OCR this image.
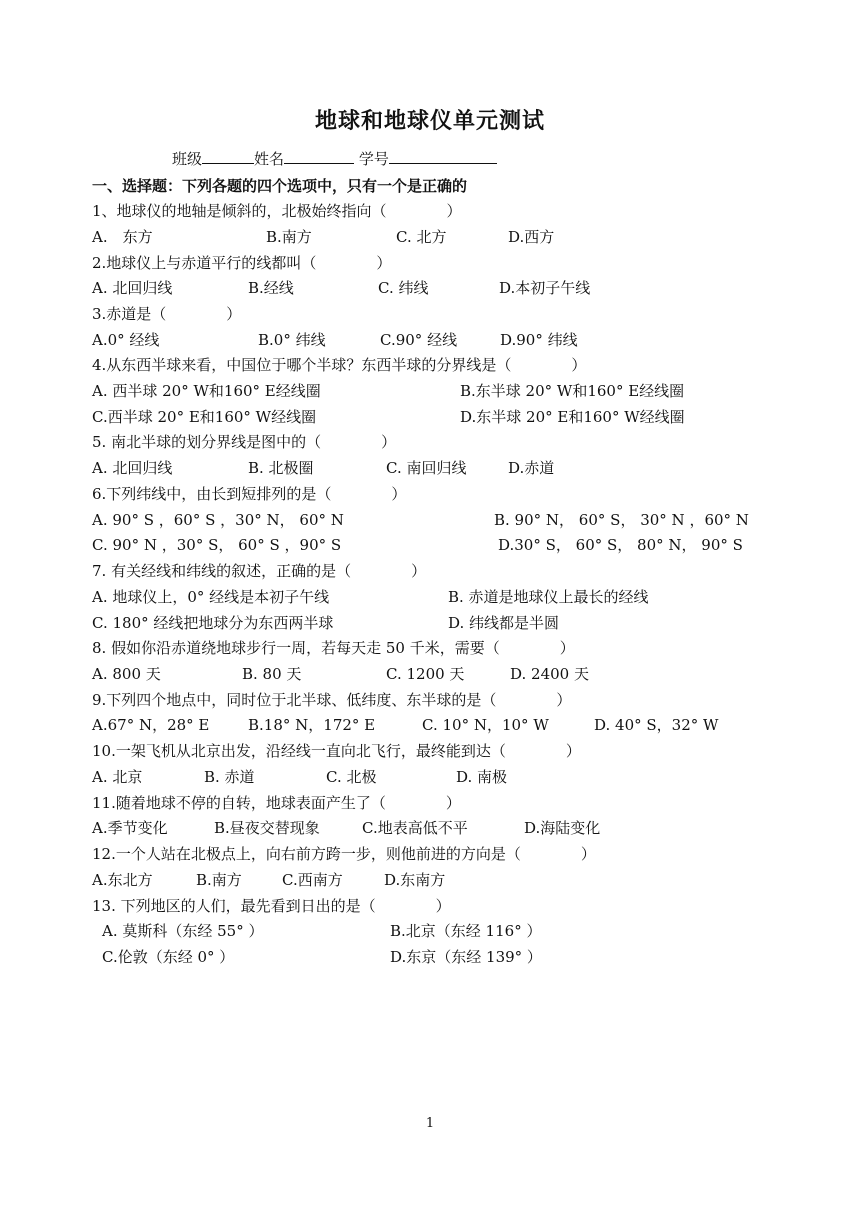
地球和地球仪单元测试
班级	姓名	学号
一、选择题：下列各题的四个选项中，只有一个是正确的
1、地球仪的地轴是倾斜的，北极始终指向（　　　　）
A.　东方	B.南方	C. 北方	D.西方
2.地球仪上与赤道平行的线都叫（　　　　）
A. 北回归线	B.经线	C. 纬线	D.本初子午线
3.赤道是（　　　　）
A.0° 经线	B.0° 纬线	C.90° 经线	D.90° 纬线
4.从东西半球来看，中国位于哪个半球？东西半球的分界线是（　　　　）
A. 西半球 20° W和160° E经线圈	B.东半球 20° W和160° E经线圈
C.西半球 20° E和160° W经线圈	D.东半球 20° E和160° W经线圈
5. 南北半球的划分界线是图中的（　　　　）
A. 北回归线	B. 北极圈	C. 南回归线	D.赤道
6.下列纬线中，由长到短排列的是（　　　　）
A. 90° S ，60° S ，30° N， 60° N	B. 90° N， 60° S， 30° N ，60° N
C. 90° N ，30° S， 60° S ，90° S	D.30° S， 60° S， 80° N， 90° S
7. 有关经线和纬线的叙述，正确的是（　　　　）
A. 地球仪上，0° 经线是本初子午线	B. 赤道是地球仪上最长的经线
C. 180° 经线把地球分为东西两半球	D. 纬线都是半圆
8. 假如你沿赤道绕地球步行一周，若每天走 50 千米，需要（　　　　）
A. 800 天	B. 80 天	C. 1200 天	D. 2400 天
9.下列四个地点中，同时位于北半球、低纬度、东半球的是（　　　　）
A.67° N，28° E	B.18° N，172° E	C. 10° N，10° W	D. 40° S，32° W
10.一架飞机从北京出发，沿经线一直向北飞行，最终能到达（　　　　）
A. 北京	B. 赤道	C. 北极	D. 南极
11.随着地球不停的自转，地球表面产生了（　　　　）
A.季节变化	B.昼夜交替现象	C.地表高低不平	D.海陆变化
12.一个人站在北极点上，向右前方跨一步，则他前进的方向是（　　　　）
A.东北方	B.南方	C.西南方	D.东南方
13. 下列地区的人们，最先看到日出的是（　　　　）
A. 莫斯科（东经 55° ）	B.北京（东经 116° ）
C.伦敦（东经 0° ）	D.东京（东经 139° ）
1
